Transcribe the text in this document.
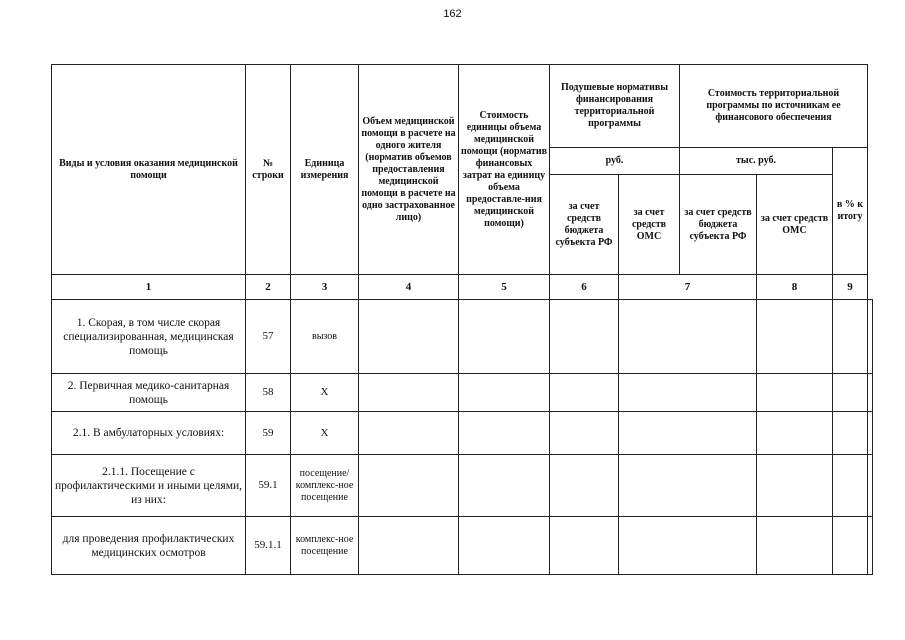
162
Виды и условия оказания медицинской помощи	№ строки	Единица измерения	Объем медицинской помощи в расчете на одного жителя (норматив объемов предоставления медицинской помощи в расчете на одно застрахованное лицо)	Стоимость единицы объема медицинской помощи (норматив финансовых затрат на единицу объема предоставле-ния медицинской помощи)	Подушевые нормативы финансирования территориальной программы		Стоимость территориальной программы по источникам ее финансового обеспечения			
					руб.		тыс. руб.		в % к итогу	
					за счет средств бюджета субъекта РФ	за счет средств ОМС	за счет средств бюджета субъекта РФ	за счет средств ОМС		
1	2	3	4	5	6	7		8	9	
1. Скорая, в том числе скорая специализированная, медицинская помощь	57	вызов								
2. Первичная медико-санитарная помощь	58	Х								
2.1. В амбулаторных условиях:	59	Х								
2.1.1. Посещение с профилактическими и иными целями, из них:	59.1	посещение/ комплекс-ное посещение								
для проведения профилактических медицинских осмотров	59.1.1	комплекс-ное посещение								
